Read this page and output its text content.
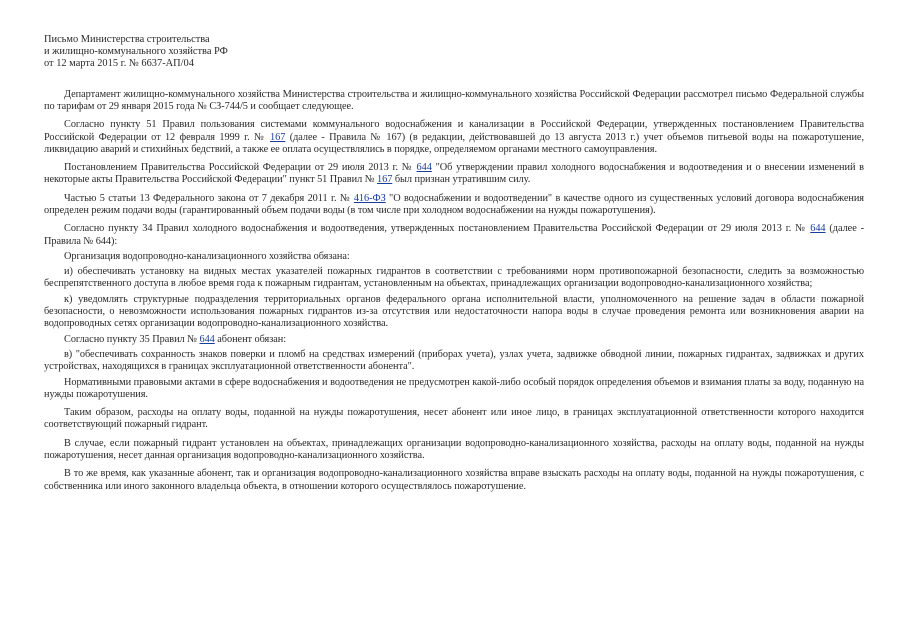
Письмо Министерства строительства
и жилищно-коммунального хозяйства РФ
от 12 марта 2015 г. № 6637-АП/04

Департамент жилищно-коммунального хозяйства Министерства строительства и жилищно-коммунального хозяйства Российской Федерации рассмотрел письмо Федеральной службы по тарифам от 29 января 2015 года № СЗ-744/5 и сообщает следующее.

Согласно пункту 51 Правил пользования системами коммунального водоснабжения и канализации в Российской Федерации, утвержденных постановлением Правительства Российской Федерации от 12 февраля 1999 г. № 167 (далее - Правила № 167) (в редакции, действовавшей до 13 августа 2013 г.) учет объемов питьевой воды на пожаротушение, ликвидацию аварий и стихийных бедствий, а также ее оплата осуществлялись в порядке, определяемом органами местного самоуправления.

Постановлением Правительства Российской Федерации от 29 июля 2013 г. № 644 "Об утверждении правил холодного водоснабжения и водоотведения и о внесении изменений в некоторые акты Правительства Российской Федерации" пункт 51 Правил № 167 был признан утратившим силу.

Частью 5 статьи 13 Федерального закона от 7 декабря 2011 г. № 416-ФЗ "О водоснабжении и водоотведении" в качестве одного из существенных условий договора водоснабжения определен режим подачи воды (гарантированный объем подачи воды (в том числе при холодном водоснабжении на нужды пожаротушения).

Согласно пункту 34 Правил холодного водоснабжения и водоотведения, утвержденных постановлением Правительства Российской Федерации от 29 июля 2013 г. № 644 (далее - Правила № 644):

Организация водопроводно-канализационного хозяйства обязана:

и) обеспечивать установку на видных местах указателей пожарных гидрантов в соответствии с требованиями норм противопожарной безопасности, следить за возможностью беспрепятственного доступа в любое время года к пожарным гидрантам, установленным на объектах, принадлежащих организации водопроводно-канализационного хозяйства;

к) уведомлять структурные подразделения территориальных органов федерального органа исполнительной власти, уполномоченного на решение задач в области пожарной безопасности, о невозможности использования пожарных гидрантов из-за отсутствия или недостаточности напора воды в случае проведения ремонта или возникновения аварии на водопроводных сетях организации водопроводно-канализационного хозяйства.

Согласно пункту 35 Правил № 644 абонент обязан:

в) "обеспечивать сохранность знаков поверки и пломб на средствах измерений (приборах учета), узлах учета, задвижке обводной линии, пожарных гидрантах, задвижках и других устройствах, находящихся в границах эксплуатационной ответственности абонента".

Нормативными правовыми актами в сфере водоснабжения и водоотведения не предусмотрен какой-либо особый порядок определения объемов и взимания платы за воду, поданную на нужды пожаротушения.

Таким образом, расходы на оплату воды, поданной на нужды пожаротушения, несет абонент или иное лицо, в границах эксплуатационной ответственности которого находится соответствующий пожарный гидрант.

В случае, если пожарный гидрант установлен на объектах, принадлежащих организации водопроводно-канализационного хозяйства, расходы на оплату воды, поданной на нужды пожаротушения, несет данная организация водопроводно-канализационного хозяйства.

В то же время, как указанные абонент, так и организация водопроводно-канализационного хозяйства вправе взыскать расходы на оплату воды, поданной на нужды пожаротушения, с собственника или иного законного владельца объекта, в отношении которого осуществлялось пожаротушение.
